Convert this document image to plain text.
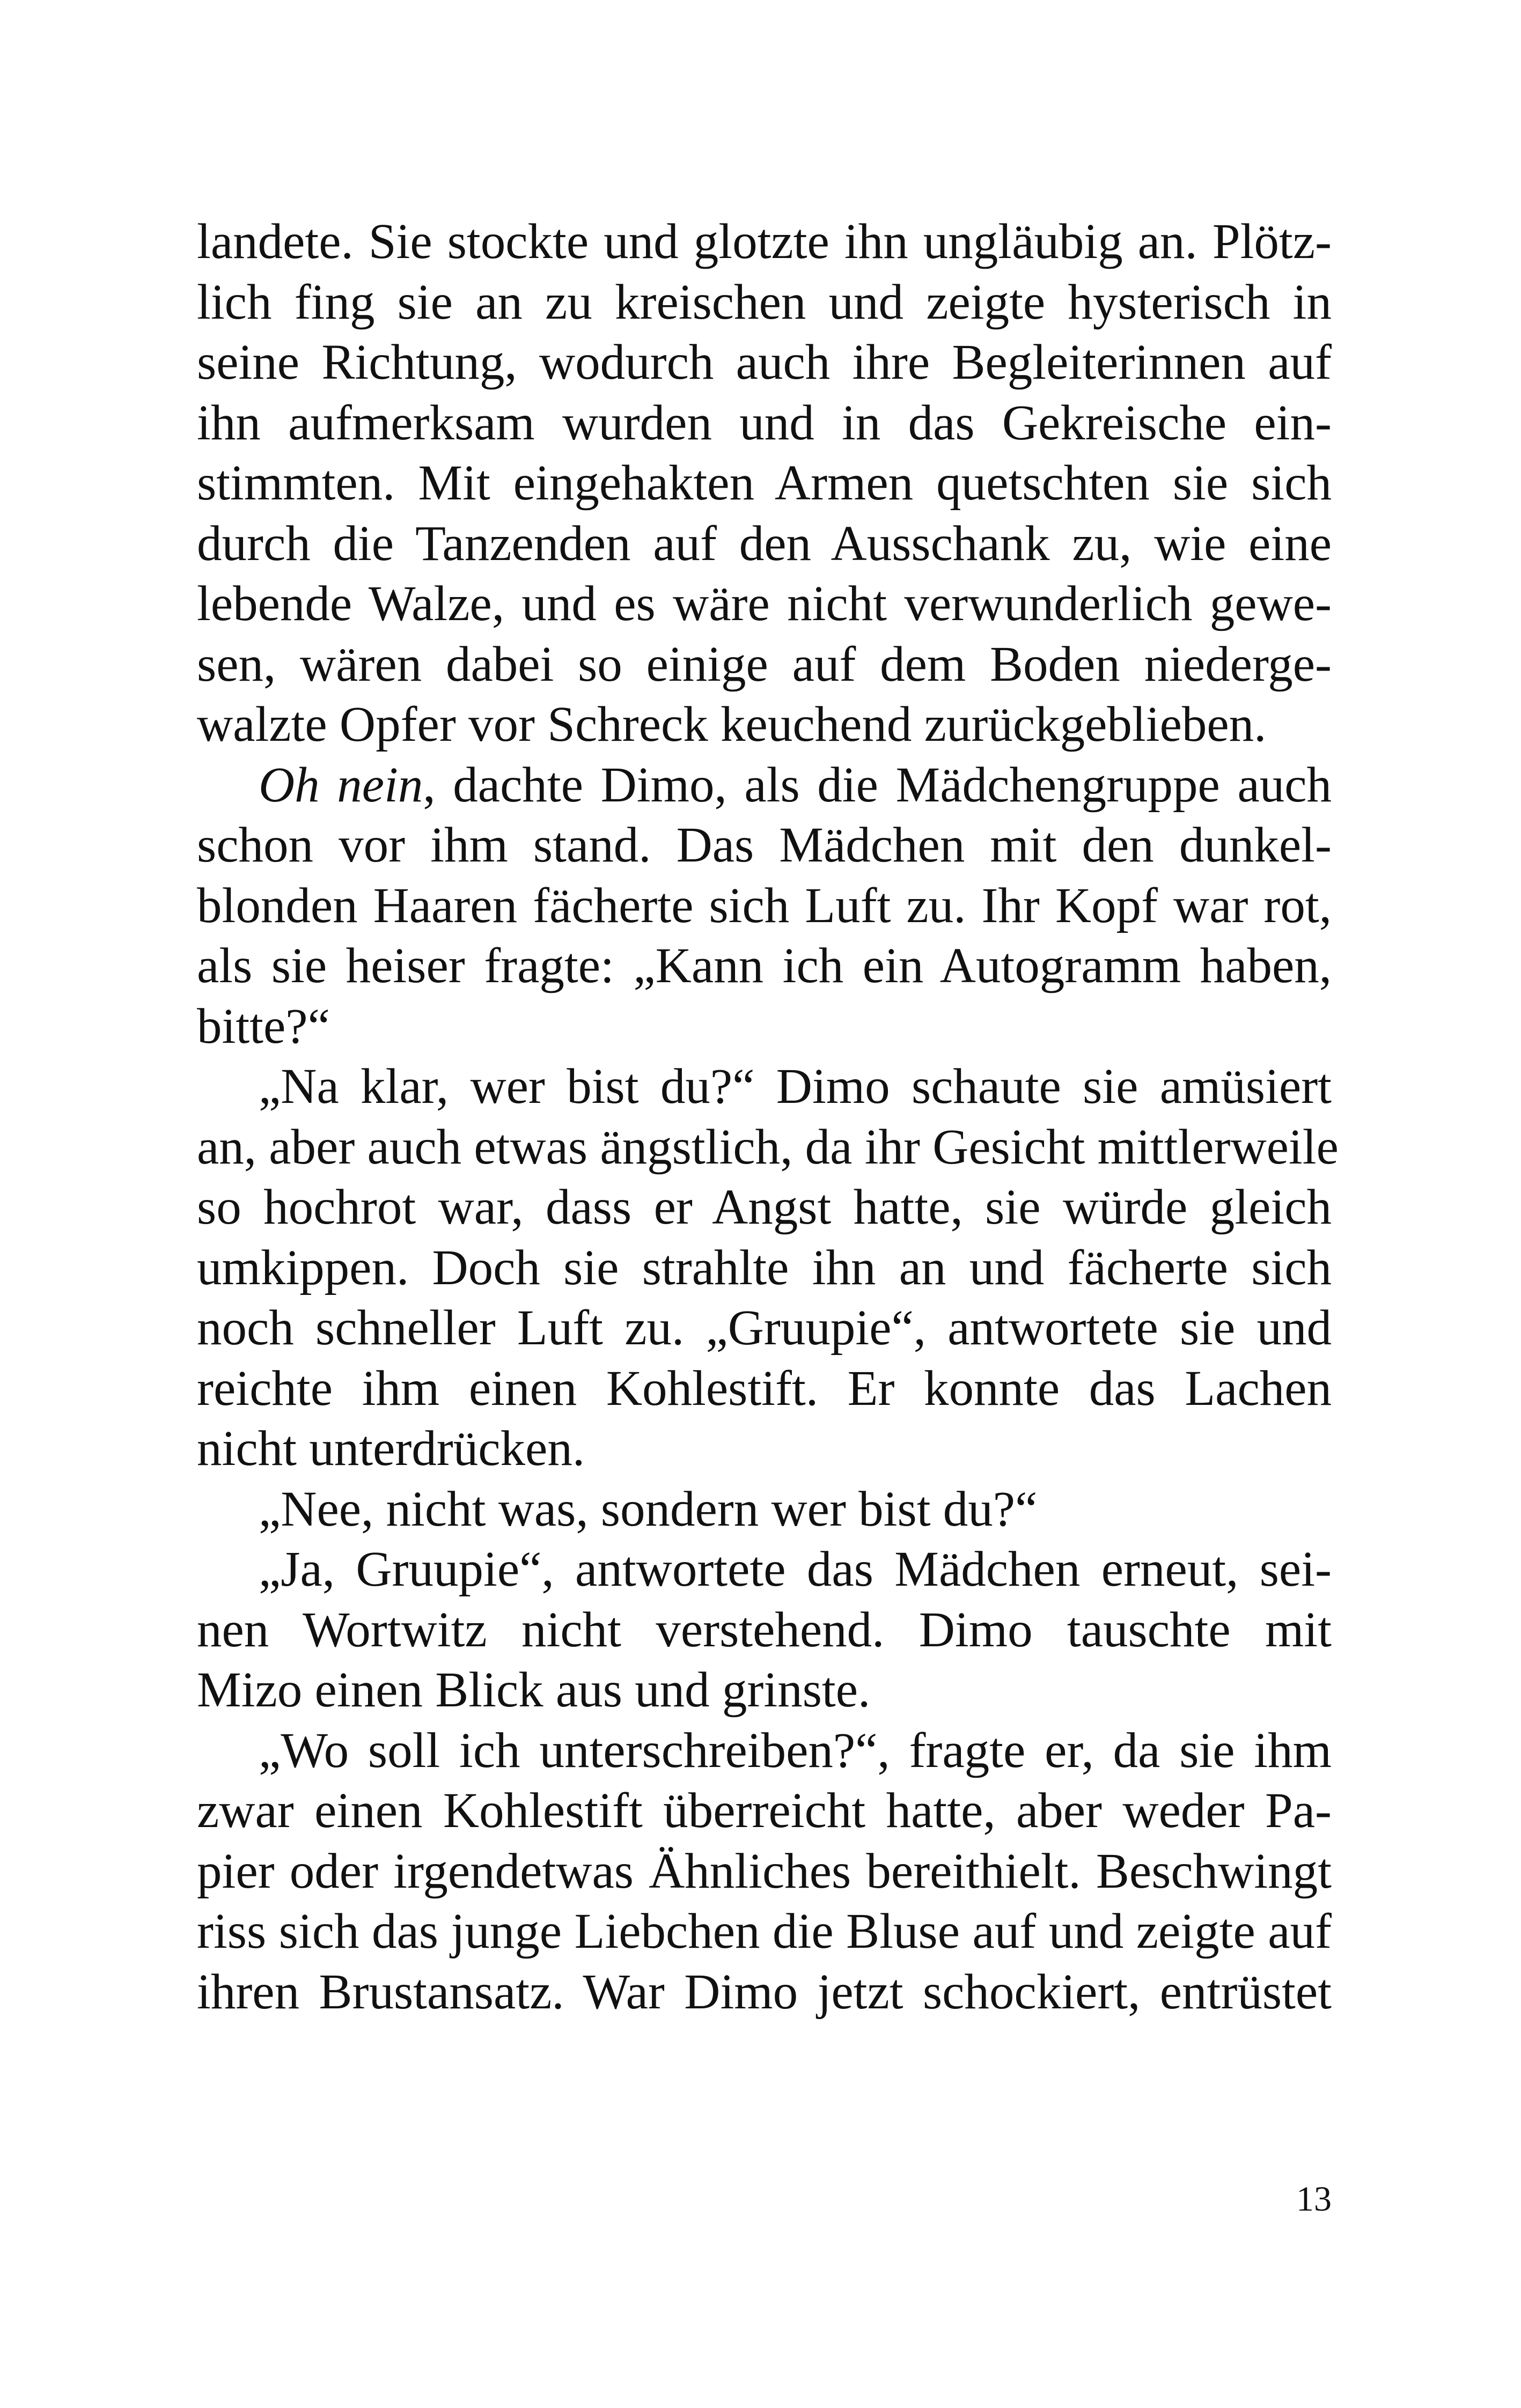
landete. Sie stockte und glotzte ihn ungläubig an. Plötz-
lich fing sie an zu kreischen und zeigte hysterisch in
seine Richtung, wodurch auch ihre Begleiterinnen auf
ihn aufmerksam wurden und in das Gekreische ein-
stimmten. Mit eingehakten Armen quetschten sie sich
durch die Tanzenden auf den Ausschank zu, wie eine
lebende Walze, und es wäre nicht verwunderlich gewe-
sen, wären dabei so einige auf dem Boden niederge-
walzte Opfer vor Schreck keuchend zurückgeblieben.

Oh nein, dachte Dimo, als die Mädchengruppe auch
schon vor ihm stand. Das Mädchen mit den dunkel-
blonden Haaren fächerte sich Luft zu. Ihr Kopf war rot,
als sie heiser fragte: „Kann ich ein Autogramm haben,
bitte?“

„Na klar, wer bist du?“ Dimo schaute sie amüsiert
an, aber auch etwas ängstlich, da ihr Gesicht mittlerweile
so hochrot war, dass er Angst hatte, sie würde gleich
umkippen. Doch sie strahlte ihn an und fächerte sich
noch schneller Luft zu. „Gruupie“, antwortete sie und
reichte ihm einen Kohlestift. Er konnte das Lachen
nicht unterdrücken.

„Nee, nicht was, sondern wer bist du?“

„Ja, Gruupie“, antwortete das Mädchen erneut, sei-
nen Wortwitz nicht verstehend. Dimo tauschte mit
Mizo einen Blick aus und grinste.

„Wo soll ich unterschreiben?“, fragte er, da sie ihm
zwar einen Kohlestift überreicht hatte, aber weder Pa-
pier oder irgendetwas Ähnliches bereithielt. Beschwingt
riss sich das junge Liebchen die Bluse auf und zeigte auf
ihren Brustansatz. War Dimo jetzt schockiert, entrüstet

13
